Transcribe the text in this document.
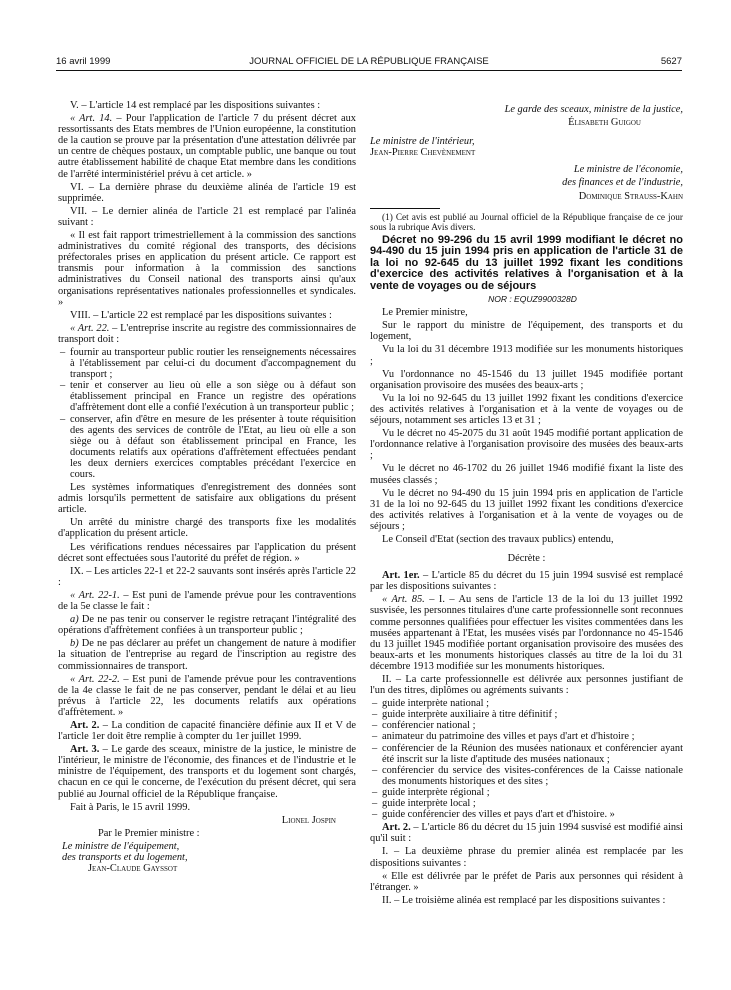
16 avril 1999	JOURNAL OFFICIEL DE LA RÉPUBLIQUE FRANÇAISE	5627

V. – L'article 14 est remplacé par les dispositions suivantes :

« Art. 14. – Pour l'application de l'article 7 du présent décret aux ressortissants des Etats membres de l'Union européenne, la constitution de la caution se prouve par la présentation d'une attestation délivrée par un centre de chèques postaux, un comptable public, une banque ou tout autre établissement habilité de chaque Etat membre dans les conditions de l'arrêté interministériel prévu à cet article. »

VI. – La dernière phrase du deuxième alinéa de l'article 19 est supprimée.

VII. – Le dernier alinéa de l'article 21 est remplacé par l'alinéa suivant :

« Il est fait rapport trimestriellement à la commission des sanctions administratives du comité régional des transports, des décisions préfectorales prises en application du présent article. Ce rapport est transmis pour information à la commission des sanctions administratives du Conseil national des transports ainsi qu'aux organisations représentatives nationales professionnelles et syndicales. »

VIII. – L'article 22 est remplacé par les dispositions suivantes :

« Art. 22. – L'entreprise inscrite au registre des commissionnaires de transport doit :

– fournir au transporteur public routier les renseignements nécessaires à l'établissement par celui-ci du document d'accompagnement du transport ;
– tenir et conserver au lieu où elle a son siège ou à défaut son établissement principal en France un registre des opérations d'affrètement dont elle a confié l'exécution à un transporteur public ;
– conserver, afin d'être en mesure de les présenter à toute réquisition des agents des services de contrôle de l'Etat, au lieu où elle a son siège ou à défaut son établissement principal en France, les documents relatifs aux opérations d'affrètement effectuées pendant les deux derniers exercices comptables précédant l'exercice en cours.

Les systèmes informatiques d'enregistrement des données sont admis lorsqu'ils permettent de satisfaire aux obligations du présent article.

Un arrêté du ministre chargé des transports fixe les modalités d'application du présent article.

Les vérifications rendues nécessaires par l'application du présent décret sont effectuées sous l'autorité du préfet de région. »

IX. – Les articles 22-1 et 22-2 sauvants sont insérés après l'article 22 :

« Art. 22-1. – Est puni de l'amende prévue pour les contraventions de la 5e classe le fait :

a) De ne pas tenir ou conserver le registre retraçant l'intégralité des opérations d'affrètement confiées à un transporteur public ;

b) De ne pas déclarer au préfet un changement de nature à modifier la situation de l'entreprise au regard de l'inscription au registre des commissionnaires de transport.

« Art. 22-2. – Est puni de l'amende prévue pour les contraventions de la 4e classe le fait de ne pas conserver, pendant le délai et au lieu prévus à l'article 22, les documents relatifs aux opérations d'affrètement. »

Art. 2. – La condition de capacité financière définie aux II et V de l'article 1er doit être remplie à compter du 1er juillet 1999.

Art. 3. – Le garde des sceaux, ministre de la justice, le ministre de l'intérieur, le ministre de l'économie, des finances et de l'industrie et le ministre de l'équipement, des transports et du logement sont chargés, chacun en ce qui le concerne, de l'exécution du présent décret, qui sera publié au Journal officiel de la République française.

Fait à Paris, le 15 avril 1999.

Lionel Jospin

Par le Premier ministre :

Le ministre de l'équipement,

des transports et du logement,

Jean-Claude Gayssot

Le garde des sceaux, ministre de la justice,

Élisabeth Guigou

Le ministre de l'intérieur,

Jean-Pierre Chevènement

Le ministre de l'économie,

des finances et de l'industrie,

Dominique Strauss-Kahn

(1) Cet avis est publié au Journal officiel de la République française de ce jour sous la rubrique Avis divers.

Décret no 99-296 du 15 avril 1999 modifiant le décret no 94-490 du 15 juin 1994 pris en application de l'article 31 de la loi no 92-645 du 13 juillet 1992 fixant les conditions d'exercice des activités relatives à l'organisation et à la vente de voyages ou de séjours

NOR : EQUZ9900328D

Le Premier ministre,

Sur le rapport du ministre de l'équipement, des transports et du logement,

Vu la loi du 31 décembre 1913 modifiée sur les monuments historiques ;

Vu l'ordonnance no 45-1546 du 13 juillet 1945 modifiée portant organisation provisoire des musées des beaux-arts ;

Vu la loi no 92-645 du 13 juillet 1992 fixant les conditions d'exercice des activités relatives à l'organisation et à la vente de voyages ou de séjours, notamment ses articles 13 et 31 ;

Vu le décret no 45-2075 du 31 août 1945 modifié portant application de l'ordonnance relative à l'organisation provisoire des musées des beaux-arts ;

Vu le décret no 46-1702 du 26 juillet 1946 modifié fixant la liste des musées classés ;

Vu le décret no 94-490 du 15 juin 1994 pris en application de l'article 31 de la loi no 92-645 du 13 juillet 1992 fixant les conditions d'exercice des activités relatives à l'organisation et à la vente de voyages ou de séjours ;

Le Conseil d'Etat (section des travaux publics) entendu,

Décrète :

Art. 1er. – L'article 85 du décret du 15 juin 1994 susvisé est remplacé par les dispositions suivantes :

« Art. 85. – I. – Au sens de l'article 13 de la loi du 13 juillet 1992 susvisée, les personnes titulaires d'une carte professionnelle sont reconnues comme personnes qualifiées pour effectuer les visites commentées dans les musées appartenant à l'Etat, les musées visés par l'ordonnance no 45-1546 du 13 juillet 1945 modifiée portant organisation provisoire des musées des beaux-arts et les monuments historiques classés au titre de la loi du 31 décembre 1913 modifiée sur les monuments historiques.

II. – La carte professionnelle est délivrée aux personnes justifiant de l'un des titres, diplômes ou agréments suivants :

– guide interprète national ;
– guide interprète auxiliaire à titre définitif ;
– conférencier national ;
– animateur du patrimoine des villes et pays d'art et d'histoire ;
– conférencier de la Réunion des musées nationaux et conférencier ayant été inscrit sur la liste d'aptitude des musées nationaux ;
– conférencier du service des visites-conférences de la Caisse nationale des monuments historiques et des sites ;
– guide interprète régional ;
– guide interprète local ;
– guide conférencier des villes et pays d'art et d'histoire. »

Art. 2. – L'article 86 du décret du 15 juin 1994 susvisé est modifié ainsi qu'il suit :

I. – La deuxième phrase du premier alinéa est remplacée par les dispositions suivantes :

« Elle est délivrée par le préfet de Paris aux personnes qui résident à l'étranger. »

II. – Le troisième alinéa est remplacé par les dispositions suivantes :
